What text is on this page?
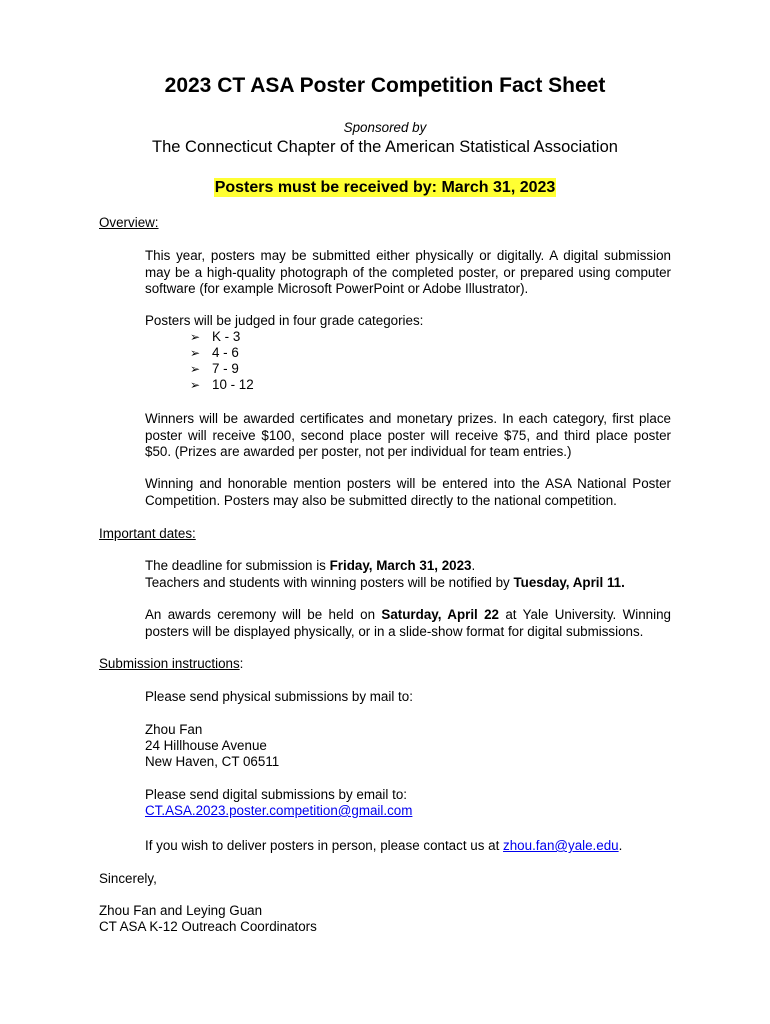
2023 CT ASA Poster Competition Fact Sheet
Sponsored by
The Connecticut Chapter of the American Statistical Association
Posters must be received by: March 31, 2023
Overview:
This year, posters may be submitted either physically or digitally. A digital submission may be a high-quality photograph of the completed poster, or prepared using computer software (for example Microsoft PowerPoint or Adobe Illustrator).
Posters will be judged in four grade categories:
➢ K - 3
➢ 4 - 6
➢ 7 - 9
➢ 10 - 12
Winners will be awarded certificates and monetary prizes. In each category, first place poster will receive $100, second place poster will receive $75, and third place poster $50. (Prizes are awarded per poster, not per individual for team entries.)
Winning and honorable mention posters will be entered into the ASA National Poster Competition. Posters may also be submitted directly to the national competition.
Important dates:
The deadline for submission is Friday, March 31, 2023.
Teachers and students with winning posters will be notified by Tuesday, April 11.
An awards ceremony will be held on Saturday, April 22 at Yale University. Winning posters will be displayed physically, or in a slide-show format for digital submissions.
Submission instructions:
Please send physical submissions by mail to:
Zhou Fan
24 Hillhouse Avenue
New Haven, CT 06511
Please send digital submissions by email to:
CT.ASA.2023.poster.competition@gmail.com
If you wish to deliver posters in person, please contact us at zhou.fan@yale.edu.
Sincerely,
Zhou Fan and Leying Guan
CT ASA K-12 Outreach Coordinators
